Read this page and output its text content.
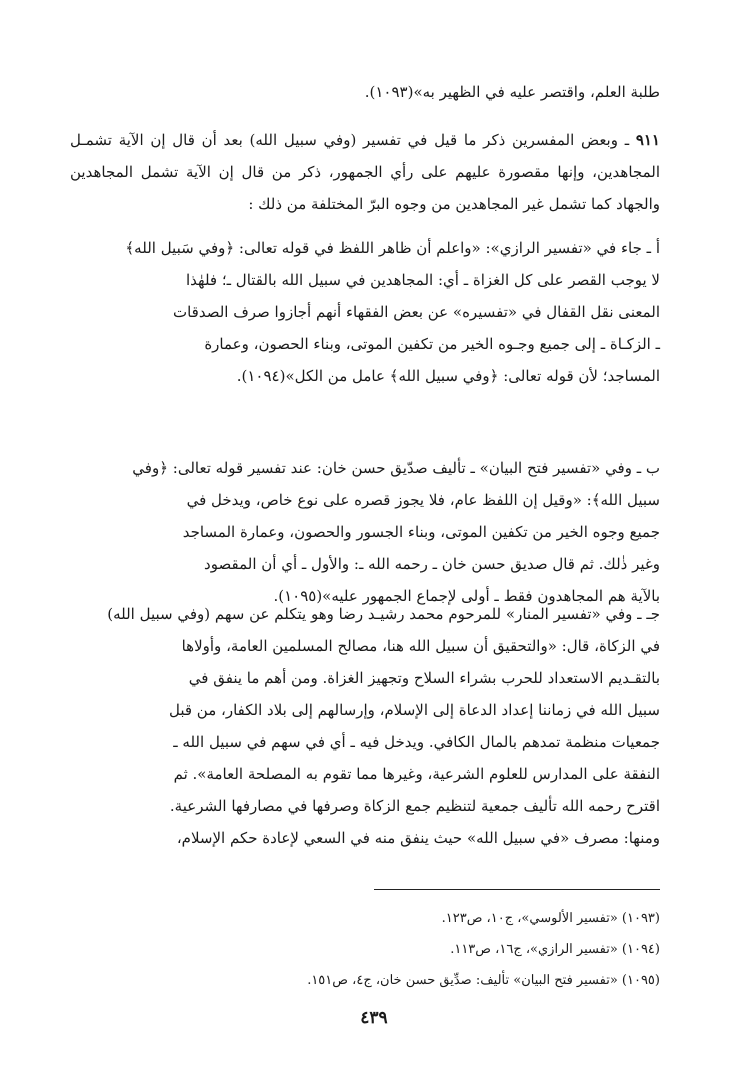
طلبة العلم، واقتصر عليه في الظهير به»(١٠٩٣).

٩١١ ـ وبعض المفسرين ذكر ما قيل في تفسير (وفي سبيل الله) بعد أن قال إن الآية تشمـل المجاهدين، وإنها مقصورة عليهم على رأي الجمهور، ذكر من قال إن الآية تشمل المجاهدين والجهاد كما تشمل غير المجاهدين من وجوه البرّ المختلفة من ذلك :

أ ـ جاء في «تفسير الرازي»: «واعلم أن ظاهر اللفظ في قوله تعالى: ﴿وفي سَبيل الله﴾

لا يوجب القصر على كل الغزاة ـ أي: المجاهدين في سبيل الله بالقتال ـ؛ فلهٰذا

المعنى نقل القفال في «تفسيره» عن بعض الفقهاء أنهم أجازوا صرف الصدقات

ـ الزكـاة ـ إلى جميع وجـوه الخير من تكفين الموتى، وبناء الحصون، وعمارة

المساجد؛ لأن قوله تعالى: ﴿وفي سبيل الله﴾ عامل من الكل»(١٠٩٤).

ب ـ وفي «تفسير فتح البيان» ـ تأليف صدّيق حسن خان: عند تفسير قوله تعالى: ﴿وفي

سبيل الله﴾: «وقيل إن اللفظ عام، فلا يجوز قصره على نوع خاص، ويدخل في

جميع وجوه الخير من تكفين الموتى، وبناء الجسور والحصون، وعمارة المساجد

وغير ذٰلك. ثم قال صديق حسن خان ـ رحمه الله ـ: والأول ـ أي أن المقصود

بالآية هم المجاهدون فقط ـ أولى لإجماع الجمهور عليه»(١٠٩٥).

جـ ـ وفي «تفسير المنار» للمرحوم محمد رشيـد رضا وهو يتكلم عن سهم (وفي سبيل الله)

في الزكاة، قال: «والتحقيق أن سبيل الله هنا، مصالح المسلمين العامة، وأولاها

بالتقـديم الاستعداد للحرب بشراء السلاح وتجهيز الغزاة. ومن أهم ما ينفق في

سبيل الله في زماننا إعداد الدعاة إلى الإسلام، وإرسالهم إلى بلاد الكفار، من قبل

جمعيات منظمة تمدهم بالمال الكافي. ويدخل فيه ـ أي في سهم في سبيل الله ـ

النفقة على المدارس للعلوم الشرعية، وغيرها مما تقوم به المصلحة العامة». ثم

اقترح رحمه الله تأليف جمعية لتنظيم جمع الزكاة وصرفها في مصارفها الشرعية.

ومنها: مصرف «في سبيل الله» حيث ينفق منه في السعي لإعادة حكم الإسلام،

(١٠٩٣) «تفسير الألوسي»، ج١٠، ص١٢٣.

(١٠٩٤) «تفسير الرازي»، ج١٦، ص١١٣.

(١٠٩٥) «تفسير فتح البيان» تأليف: صدِّيق حسن خان، ج٤، ص١٥١.

٤٣٩
